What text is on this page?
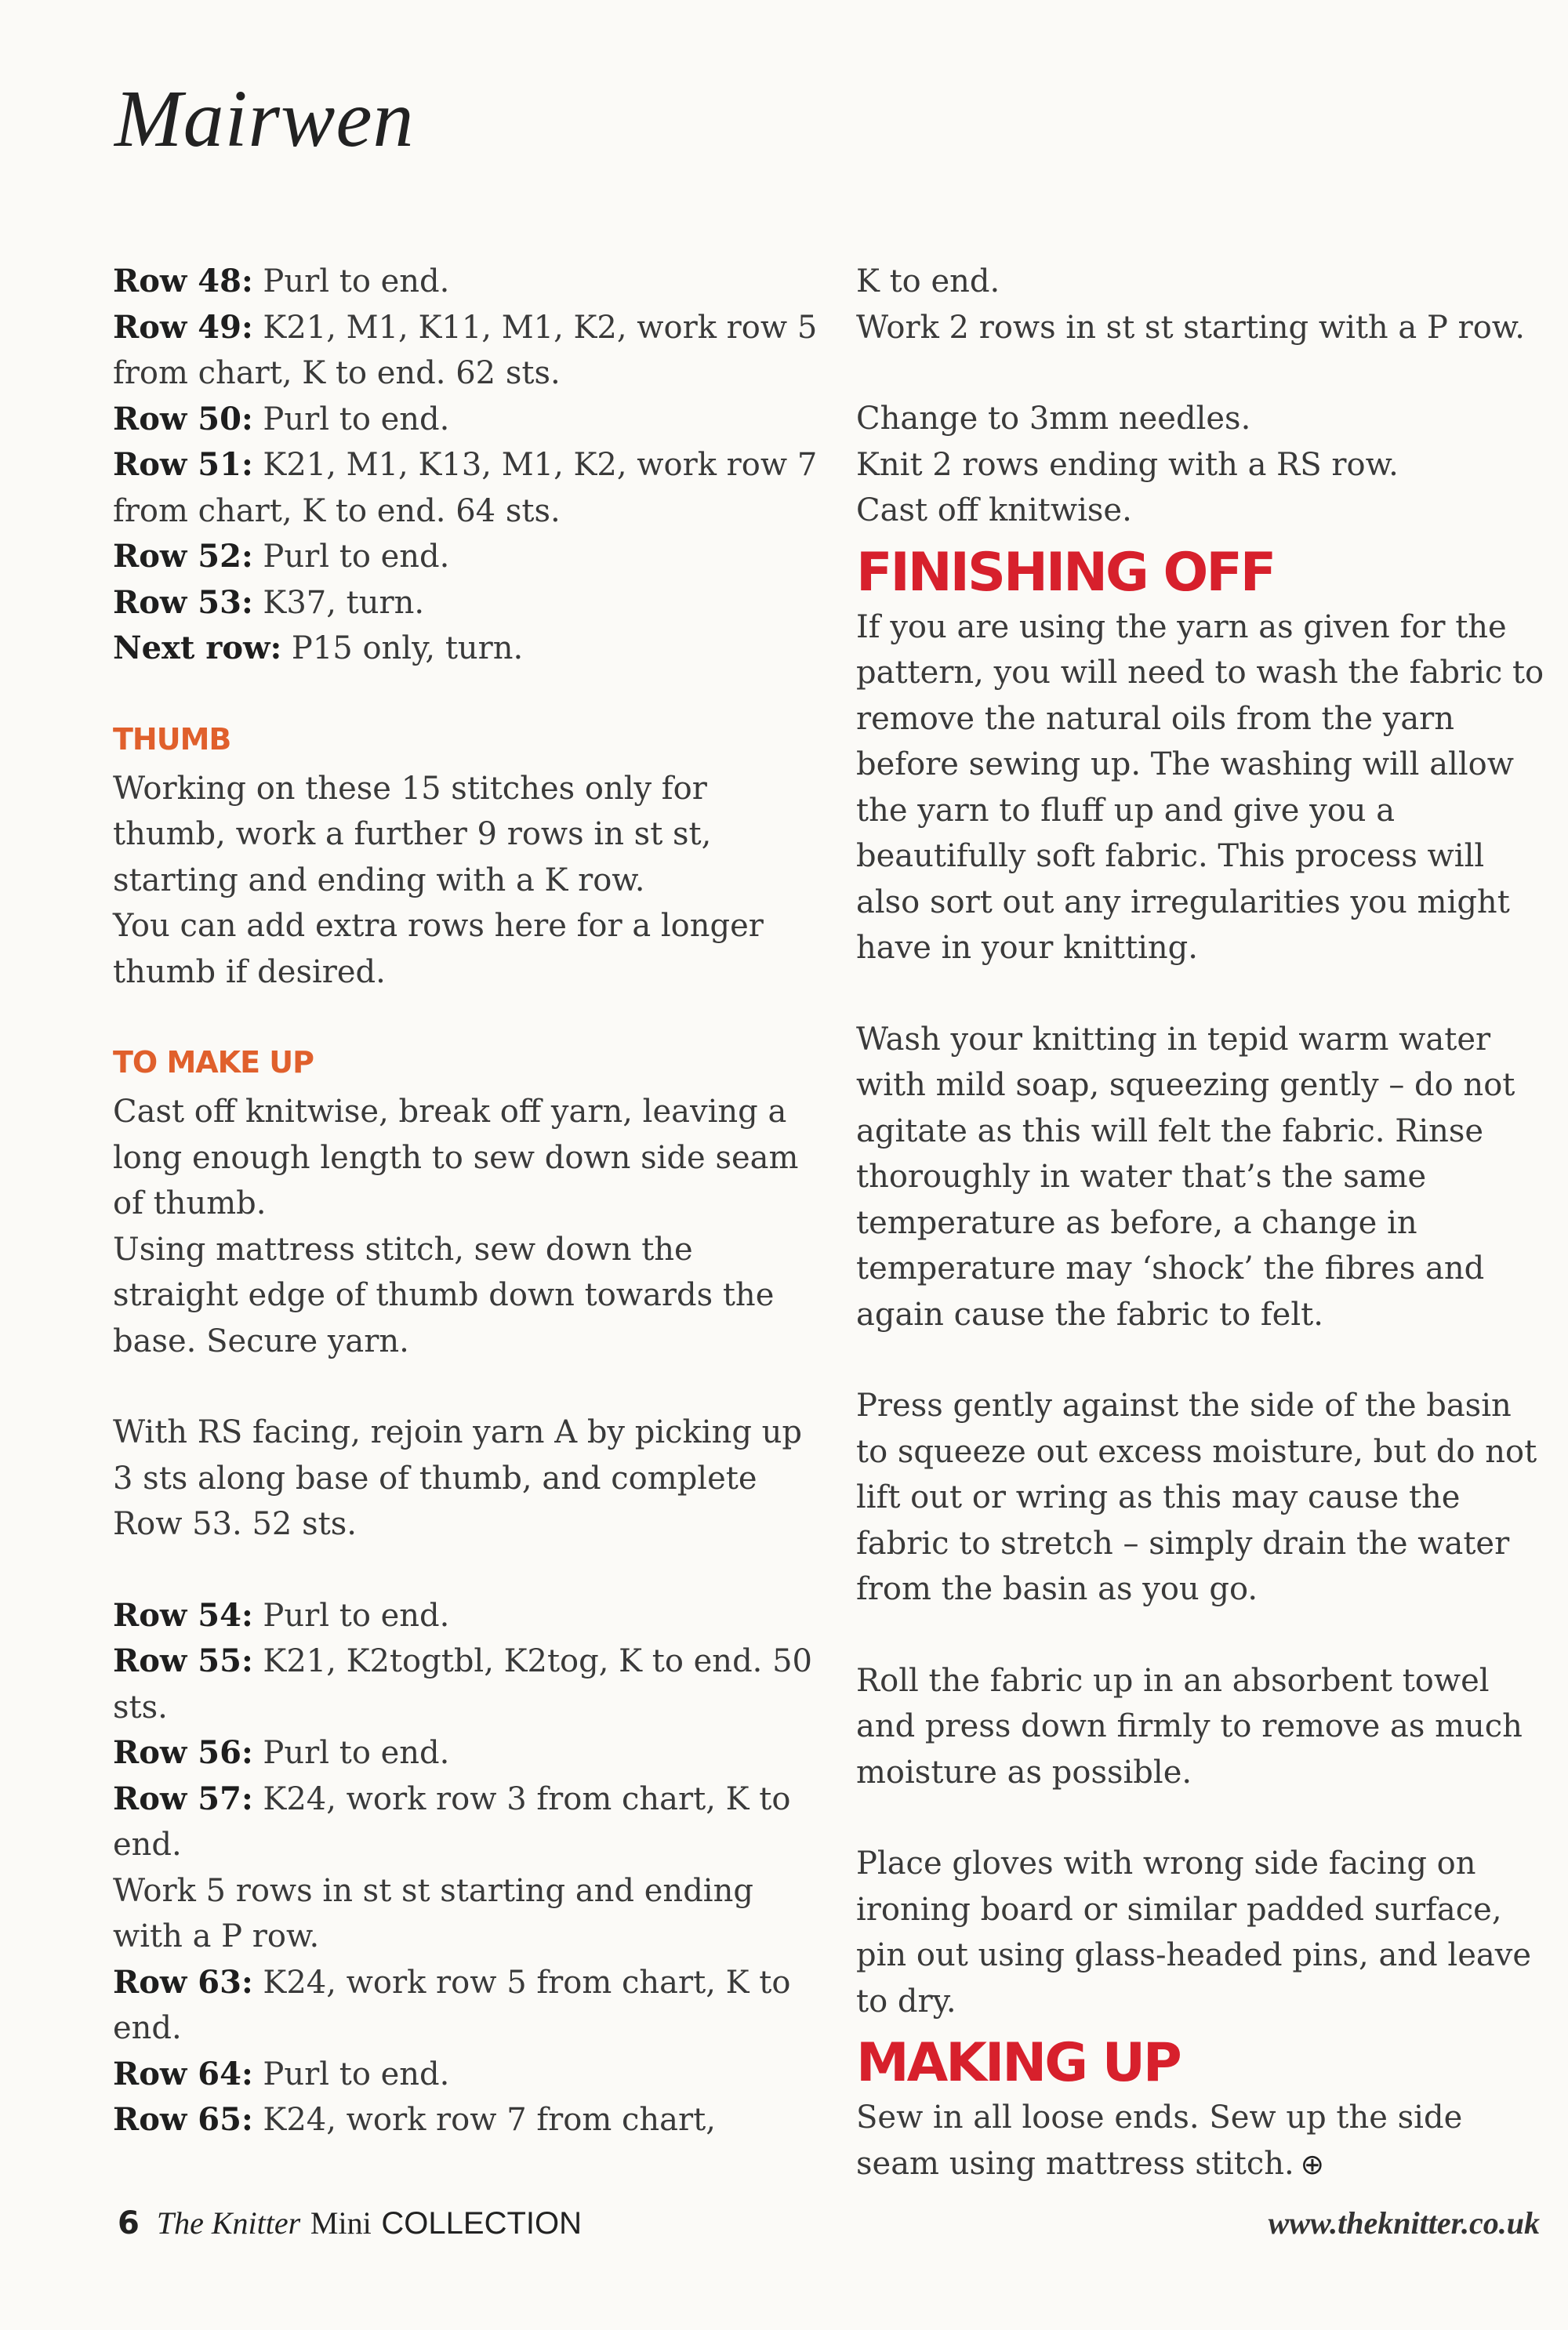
Mairwen

Row 48: Purl to end.

Row 49: K21, M1, K11, M1, K2, work row 5 from chart, K to end. 62 sts.

Row 50: Purl to end.

Row 51: K21, M1, K13, M1, K2, work row 7 from chart, K to end. 64 sts.

Row 52: Purl to end.

Row 53: K37, turn.

Next row: P15 only, turn.

THUMB

Working on these 15 stitches only for thumb, work a further 9 rows in st st, starting and ending with a K row.

You can add extra rows here for a longer thumb if desired.

TO MAKE UP

Cast off knitwise, break off yarn, leaving a long enough length to sew down side seam of thumb.

Using mattress stitch, sew down the straight edge of thumb down towards the base. Secure yarn.

With RS facing, rejoin yarn A by picking up 3 sts along base of thumb, and complete Row 53. 52 sts.

Row 54: Purl to end.

Row 55: K21, K2togtbl, K2tog, K to end. 50 sts.

Row 56: Purl to end.

Row 57: K24, work row 3 from chart, K to end.

Work 5 rows in st st starting and ending with a P row.

Row 63: K24, work row 5 from chart, K to end.

Row 64: Purl to end.

Row 65: K24, work row 7 from chart,

K to end.

Work 2 rows in st st starting with a P row.

Change to 3mm needles.

Knit 2 rows ending with a RS row.

Cast off knitwise.

FINISHING OFF

If you are using the yarn as given for the pattern, you will need to wash the fabric to remove the natural oils from the yarn before sewing up. The washing will allow the yarn to fluff up and give you a beautifully soft fabric. This process will also sort out any irregularities you might have in your knitting.

Wash your knitting in tepid warm water with mild soap, squeezing gently – do not agitate as this will felt the fabric. Rinse thoroughly in water that’s the same temperature as before, a change in temperature may ‘shock’ the fibres and again cause the fabric to felt.

Press gently against the side of the basin to squeeze out excess moisture, but do not lift out or wring as this may cause the fabric to stretch – simply drain the water from the basin as you go.

Roll the fabric up in an absorbent towel and press down firmly to remove as much moisture as possible.

Place gloves with wrong side facing on ironing board or similar padded surface, pin out using glass-headed pins, and leave to dry.

MAKING UP

Sew in all loose ends. Sew up the side seam using mattress stitch. ⊕

6 The Knitter Mini COLLECTION	www.theknitter.co.uk
